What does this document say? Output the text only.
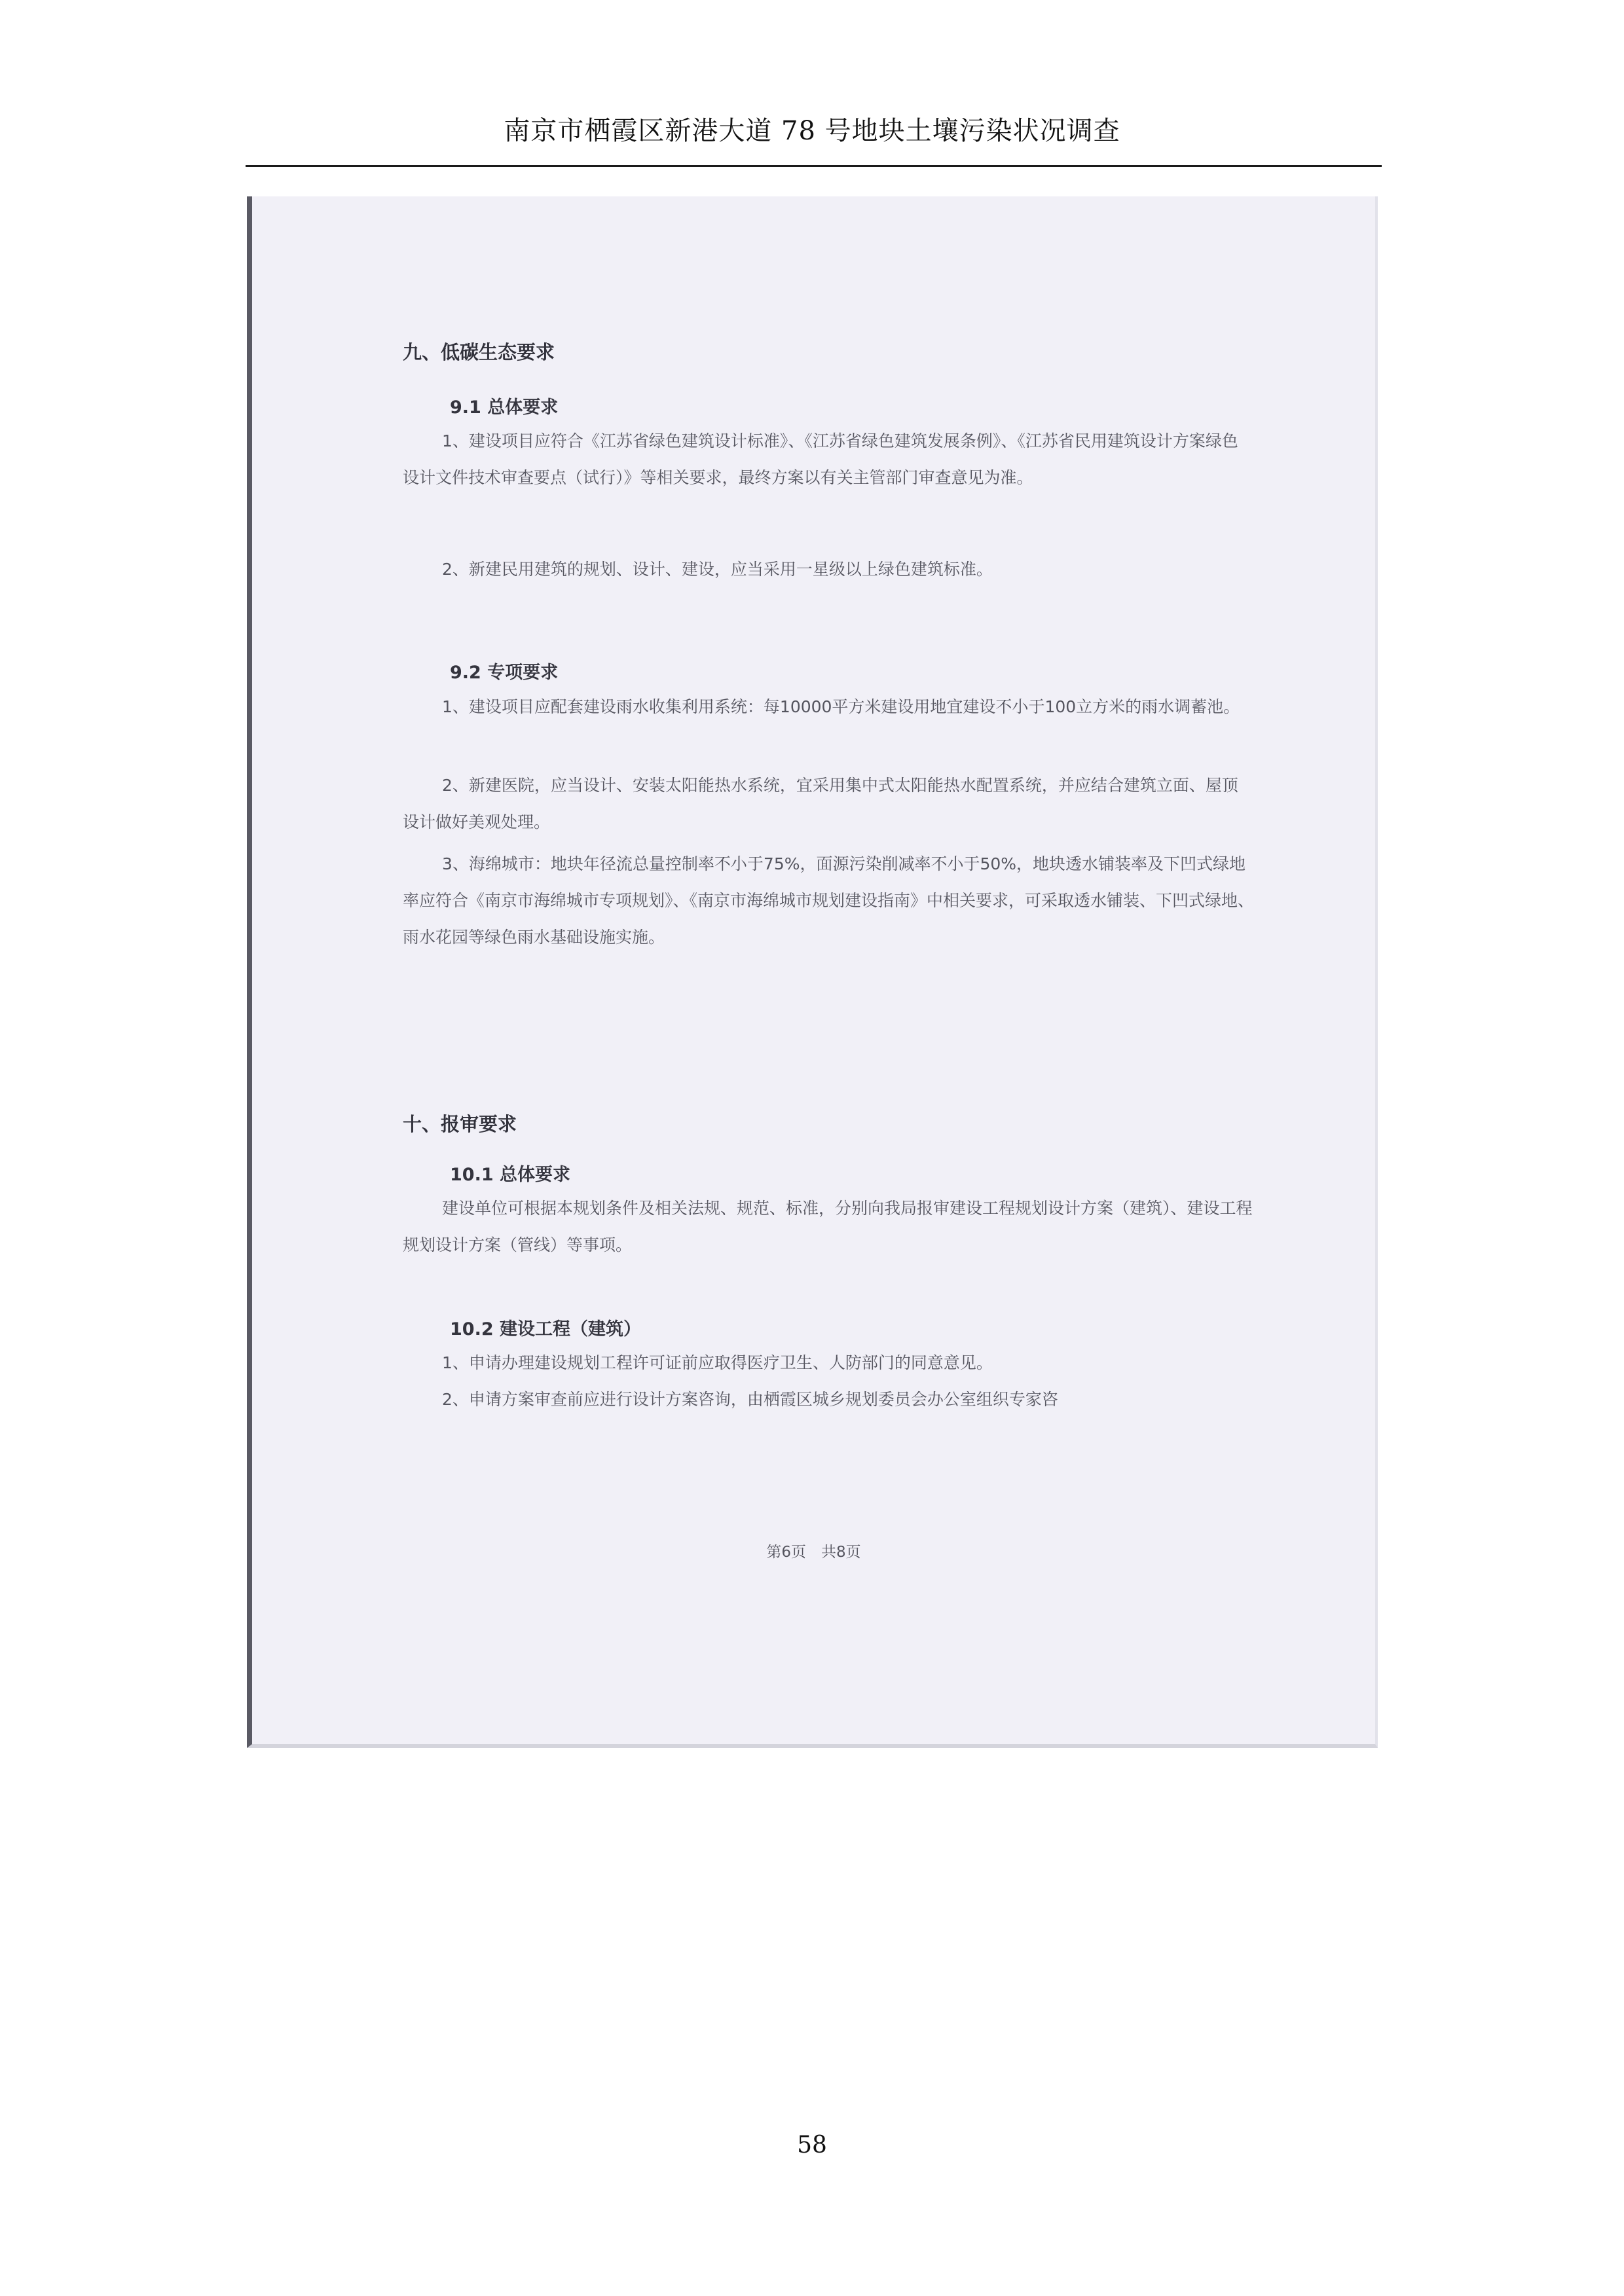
南京市栖霞区新港大道 78 号地块土壤污染状况调查
九、低碳生态要求
9.1 总体要求

1、建设项目应符合《江苏省绿色建筑设计标准》、《江苏省绿色建筑发展条例》、《江苏省民用建筑设计方案绿色设计文件技术审查要点（试行）》等相关要求，最终方案以有关主管部门审查意见为准。

2、新建民用建筑的规划、设计、建设，应当采用一星级以上绿色建筑标准。

9.2 专项要求

1、建设项目应配套建设雨水收集利用系统：每10000平方米建设用地宜建设不小于100立方米的雨水调蓄池。

2、新建医院，应当设计、安装太阳能热水系统，宜采用集中式太阳能热水配置系统，并应结合建筑立面、屋顶设计做好美观处理。

3、海绵城市：地块年径流总量控制率不小于75%，面源污染削减率不小于50%，地块透水铺装率及下凹式绿地率应符合《南京市海绵城市专项规划》、《南京市海绵城市规划建设指南》中相关要求，可采取透水铺装、下凹式绿地、雨水花园等绿色雨水基础设施实施。

十、报审要求
10.1 总体要求

建设单位可根据本规划条件及相关法规、规范、标准，分别向我局报审建设工程规划设计方案（建筑）、建设工程规划设计方案（管线）等事项。

10.2 建设工程（建筑）

1、申请办理建设规划工程许可证前应取得医疗卫生、人防部门的同意意见。

2、申请方案审查前应进行设计方案咨询，由栖霞区城乡规划委员会办公室组织专家咨

第6页　共8页
58
